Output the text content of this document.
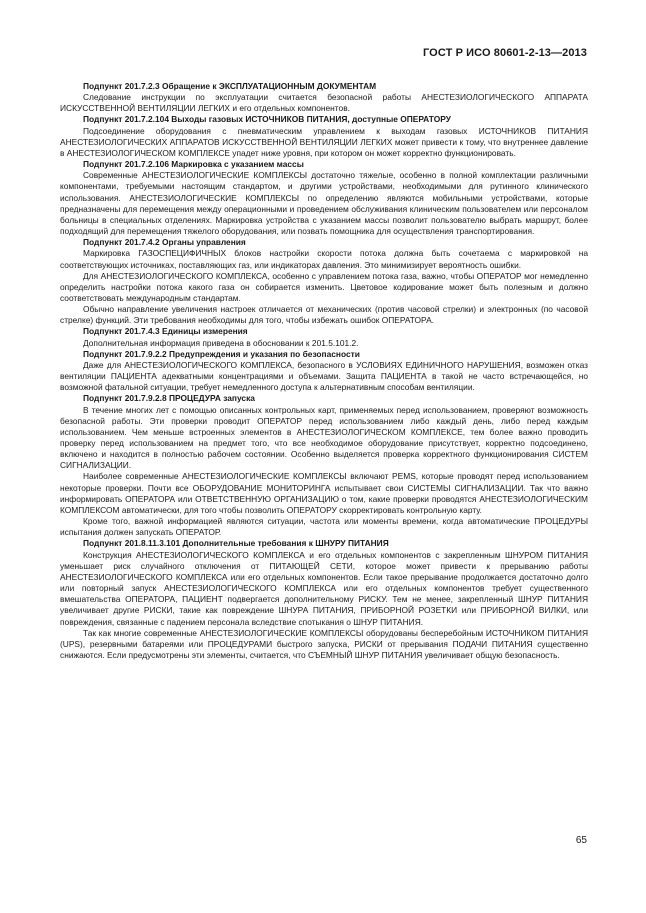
ГОСТ Р ИСО 80601-2-13—2013
Подпункт 201.7.2.3 Обращение к ЭКСПЛУАТАЦИОННЫМ ДОКУМЕНТАМ

Следование инструкции по эксплуатации считается безопасной работы АНЕСТЕЗИОЛОГИЧЕСКОГО АППАРАТА ИСКУССТВЕННОЙ ВЕНТИЛЯЦИИ ЛЕГКИХ и его отдельных компонентов.

Подпункт 201.7.2.104 Выходы газовых ИСТОЧНИКОВ ПИТАНИЯ, доступные ОПЕРАТОРУ

Подсоединение оборудования с пневматическим управлением к выходам газовых ИСТОЧНИКОВ ПИТАНИЯ АНЕСТЕЗИОЛОГИЧЕСКИХ АППАРАТОВ ИСКУССТВЕННОЙ ВЕНТИЛЯЦИИ ЛЕГКИХ может привести к тому, что внутреннее давление в АНЕСТЕЗИОЛОГИЧЕСКОМ КОМПЛЕКСЕ упадет ниже уровня, при котором он может корректно функционировать.

Подпункт 201.7.2.106 Маркировка с указанием массы

Современные АНЕСТЕЗИОЛОГИЧЕСКИЕ КОМПЛЕКСЫ достаточно тяжелые, особенно в полной комплектации различными компонентами, требуемыми настоящим стандартом, и другими устройствами, необходимыми для рутинного клинического использования. АНЕСТЕЗИОЛОГИЧЕСКИЕ КОМПЛЕКСЫ по определению являются мобильными устройствами, которые предназначены для перемещения между операционными и проведением обслуживания клиническим пользователем или персоналом больницы в специальных отделениях. Маркировка устройства с указанием массы позволит пользователю выбрать маршрут, более подходящий для перемещения тяжелого оборудования, или позвать помощника для осуществления транспортирования.

Подпункт 201.7.4.2 Органы управления

Маркировка ГАЗОСПЕЦИФИЧНЫХ блоков настройки скорости потока должна быть сочетаема с маркировкой на соответствующих источниках, поставляющих газ, или индикаторах давления. Это минимизирует вероятность ошибки.

Для АНЕСТЕЗИОЛОГИЧЕСКОГО КОМПЛЕКСА, особенно с управлением потока газа, важно, чтобы ОПЕРАТОР мог немедленно определить настройки потока какого газа он собирается изменить. Цветовое кодирование может быть полезным и должно соответствовать международным стандартам.

Обычно направление увеличения настроек отличается от механических (против часовой стрелки) и электронных (по часовой стрелке) функций. Эти требования необходимы для того, чтобы избежать ошибок ОПЕРАТОРА.

Подпункт 201.7.4.3 Единицы измерения

Дополнительная информация приведена в обосновании к 201.5.101.2.

Подпункт 201.7.9.2.2 Предупреждения и указания по безопасности

Даже для АНЕСТЕЗИОЛОГИЧЕСКОГО КОМПЛЕКСА, безопасного в УСЛОВИЯХ ЕДИНИЧНОГО НАРУШЕНИЯ, возможен отказ вентиляции ПАЦИЕНТА адекватными концентрациями и объемами. Защита ПАЦИЕНТА в такой не часто встречающейся, но возможной фатальной ситуации, требует немедленного доступа к альтернативным способам вентиляции.

Подпункт 201.7.9.2.8 ПРОЦЕДУРА запуска

В течение многих лет с помощью описанных контрольных карт, применяемых перед использованием, проверяют возможность безопасной работы. Эти проверки проводит ОПЕРАТОР перед использованием либо каждый день, либо перед каждым использованием. Чем меньше встроенных элементов в АНЕСТЕЗИОЛОГИЧЕСКОМ КОМПЛЕКСЕ, тем более важно проводить проверку перед использованием на предмет того, что все необходимое оборудование присутствует, корректно подсоединено, включено и находится в полностью рабочем состоянии. Особенно выделяется проверка корректного функционирования СИСТЕМ СИГНАЛИЗАЦИИ.

Наиболее современные АНЕСТЕЗИОЛОГИЧЕСКИЕ КОМПЛЕКСЫ включают PEMS, которые проводят перед использованием некоторые проверки. Почти все ОБОРУДОВАНИЕ МОНИТОРИНГА испытывает свои СИСТЕМЫ СИГНАЛИЗАЦИИ. Так что важно информировать ОПЕРАТОРА или ОТВЕТСТВЕННУЮ ОРГАНИЗАЦИЮ о том, какие проверки проводятся АНЕСТЕЗИОЛОГИЧЕСКИМ КОМПЛЕКСОМ автоматически, для того чтобы позволить ОПЕРАТОРУ скорректировать контрольную карту.

Кроме того, важной информацией являются ситуации, частота или моменты времени, когда автоматические ПРОЦЕДУРЫ испытания должен запускать ОПЕРАТОР.

Подпункт 201.8.11.3.101 Дополнительные требования к ШНУРУ ПИТАНИЯ

Конструкция АНЕСТЕЗИОЛОГИЧЕСКОГО КОМПЛЕКСА и его отдельных компонентов с закрепленным ШНУРОМ ПИТАНИЯ уменьшает риск случайного отключения от ПИТАЮЩЕЙ СЕТИ, которое может привести к прерыванию работы АНЕСТЕЗИОЛОГИЧЕСКОГО КОМПЛЕКСА или его отдельных компонентов. Если такое прерывание продолжается достаточно долго или повторный запуск АНЕСТЕЗИОЛОГИЧЕСКОГО КОМПЛЕКСА или его отдельных компонентов требует существенного вмешательства ОПЕРАТОРА, ПАЦИЕНТ подвергается дополнительному РИСКУ. Тем не менее, закрепленный ШНУР ПИТАНИЯ увеличивает другие РИСКИ, такие как повреждение ШНУРА ПИТАНИЯ, ПРИБОРНОЙ РОЗЕТКИ или ПРИБОРНОЙ ВИЛКИ, или повреждения, связанные с падением персонала вследствие спотыкания о ШНУР ПИТАНИЯ.

Так как многие современные АНЕСТЕЗИОЛОГИЧЕСКИЕ КОМПЛЕКСЫ оборудованы бесперебойным ИСТОЧНИКОМ ПИТАНИЯ (UPS), резервными батареями или ПРОЦЕДУРАМИ быстрого запуска, РИСКИ от прерывания ПОДАЧИ ПИТАНИЯ существенно снижаются. Если предусмотрены эти элементы, считается, что СЪЕМНЫЙ ШНУР ПИТАНИЯ увеличивает общую безопасность.

65
